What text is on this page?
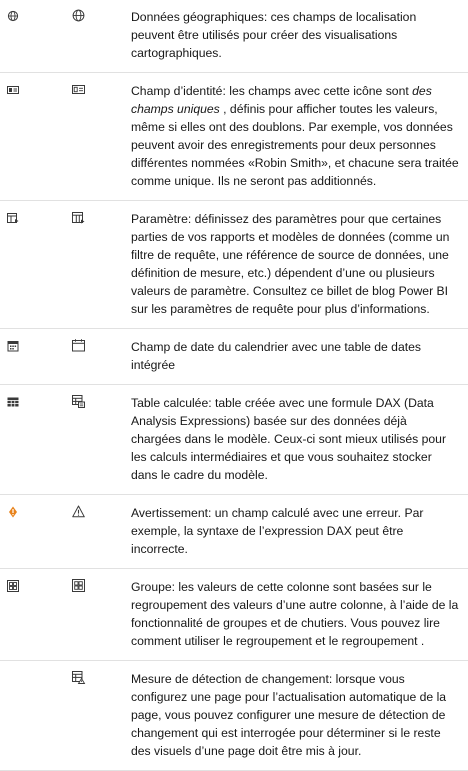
Données géographiques: ces champs de localisation peuvent être utilisés pour créer des visualisations cartographiques.

Champ d’identité: les champs avec cette icône sont des champs uniques , définis pour afficher toutes les valeurs, même si elles ont des doublons. Par exemple, vos données peuvent avoir des enregistrements pour deux personnes différentes nommées «Robin Smith», et chacune sera traitée comme unique. Ils ne seront pas additionnés.

Paramètre: définissez des paramètres pour que certaines parties de vos rapports et modèles de données (comme un filtre de requête, une référence de source de données, une définition de mesure, etc.) dépendent d’une ou plusieurs valeurs de paramètre. Consultez ce billet de blog Power BI sur les paramètres de requête pour plus d’informations.

Champ de date du calendrier avec une table de dates intégrée

Table calculée: table créée avec une formule DAX (Data Analysis Expressions) basée sur des données déjà chargées dans le modèle. Ceux-ci sont mieux utilisés pour les calculs intermédiaires et que vous souhaitez stocker dans le cadre du modèle.

Avertissement: un champ calculé avec une erreur. Par exemple, la syntaxe de l’expression DAX peut être incorrecte.

Groupe: les valeurs de cette colonne sont basées sur le regroupement des valeurs d’une autre colonne, à l’aide de la fonctionnalité de groupes et de chutiers. Vous pouvez lire comment utiliser le regroupement et le regroupement .

Mesure de détection de changement: lorsque vous configurez une page pour l’actualisation automatique de la page, vous pouvez configurer une mesure de détection de changement qui est interrogée pour déterminer si le reste des visuels d’une page doit être mis à jour.
